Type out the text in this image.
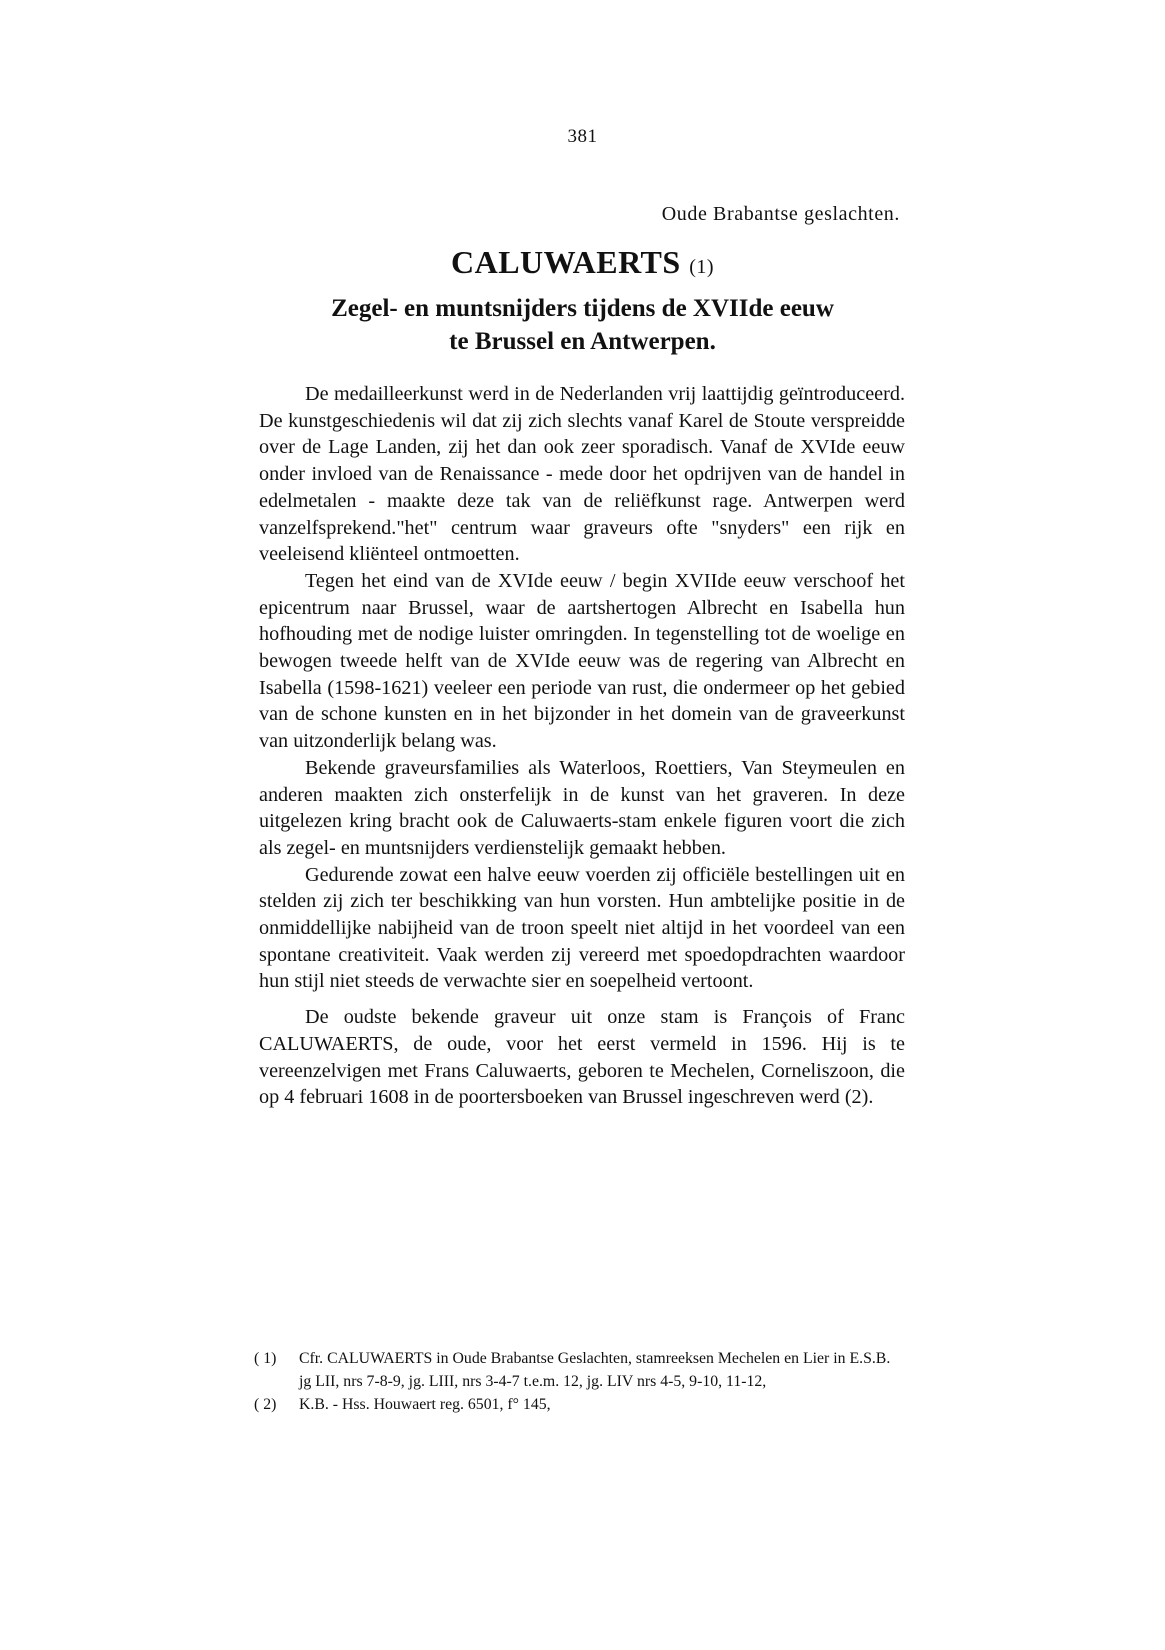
381
Oude Brabantse geslachten.
CALUWAERTS (1)
Zegel- en muntsnijders tijdens de XVIIde eeuw
te Brussel en Antwerpen.

De medailleerkunst werd in de Nederlanden vrij laattijdig geïntroduceerd. De kunstgeschiedenis wil dat zij zich slechts vanaf Karel de Stoute verspreidde over de Lage Landen, zij het dan ook zeer sporadisch. Vanaf de XVIde eeuw onder invloed van de Renaissance - mede door het opdrijven van de handel in edelmetalen - maakte deze tak van de reliëfkunst rage. Antwerpen werd vanzelfsprekend."het" centrum waar graveurs ofte "snyders" een rijk en veeleisend kliënteel ontmoetten.

Tegen het eind van de XVIde eeuw / begin XVIIde eeuw verschoof het epicentrum naar Brussel, waar de aartshertogen Albrecht en Isabella hun hofhouding met de nodige luister omringden. In tegenstelling tot de woelige en bewogen tweede helft van de XVIde eeuw was de regering van Albrecht en Isabella (1598-1621) veeleer een periode van rust, die ondermeer op het gebied van de schone kunsten en in het bijzonder in het domein van de graveerkunst van uitzonderlijk belang was.

Bekende graveursfamilies als Waterloos, Roettiers, Van Steymeulen en anderen maakten zich onsterfelijk in de kunst van het graveren. In deze uitgelezen kring bracht ook de Caluwaerts-stam enkele figuren voort die zich als zegel- en muntsnijders verdienstelijk gemaakt hebben.

Gedurende zowat een halve eeuw voerden zij officiële bestellingen uit en stelden zij zich ter beschikking van hun vorsten. Hun ambtelijke positie in de onmiddellijke nabijheid van de troon speelt niet altijd in het voordeel van een spontane creativiteit. Vaak werden zij vereerd met spoedopdrachten waardoor hun stijl niet steeds de verwachte sier en soepelheid vertoont.

De oudste bekende graveur uit onze stam is François of Franc CALUWAERTS, de oude, voor het eerst vermeld in 1596. Hij is te vereenzelvigen met Frans Caluwaerts, geboren te Mechelen, Corneliszoon, die op 4 februari 1608 in de poortersboeken van Brussel ingeschreven werd (2).

( 1) Cfr. CALUWAERTS in Oude Brabantse Geslachten, stamreeksen Mechelen en Lier in E.S.B. jg LII, nrs 7-8-9, jg. LIII, nrs 3-4-7 t.e.m. 12, jg. LIV nrs 4-5, 9-10, 11-12,
( 2) K.B. - Hss. Houwaert reg. 6501, f° 145,
